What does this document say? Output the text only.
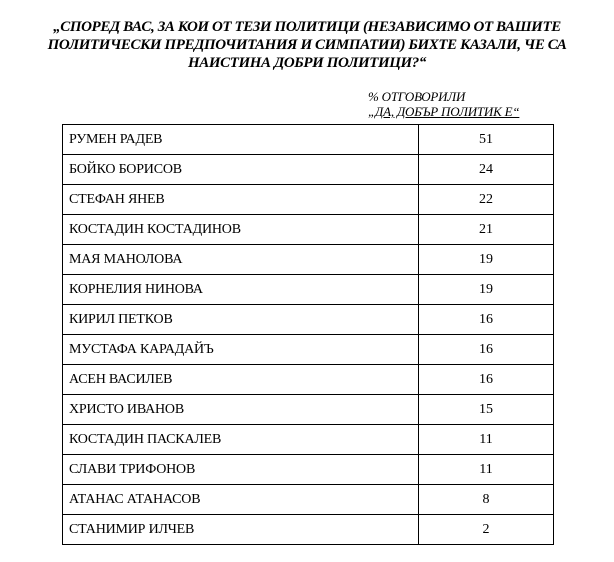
„СПОРЕД ВАС, ЗА КОИ ОТ ТЕЗИ ПОЛИТИЦИ (НЕЗАВИСИМО ОТ ВАШИТЕ
ПОЛИТИЧЕСКИ ПРЕДПОЧИТАНИЯ И СИМПАТИИ) БИХТЕ КАЗАЛИ, ЧЕ СА
НАИСТИНА ДОБРИ ПОЛИТИЦИ?“
% ОТГОВОРИЛИ
„ДА, ДОБЪР ПОЛИТИК Е“
РУМЕН РАДЕВ	51
БОЙКО БОРИСОВ	24
СТЕФАН ЯНЕВ	22
КОСТАДИН КОСТАДИНОВ	21
МАЯ МАНОЛОВА	19
КОРНЕЛИЯ НИНОВА	19
КИРИЛ ПЕТКОВ	16
МУСТАФА КАРАДАЙЪ	16
АСЕН ВАСИЛЕВ	16
ХРИСТО ИВАНОВ	15
КОСТАДИН ПАСКАЛЕВ	11
СЛАВИ ТРИФОНОВ	11
АТАНАС АТАНАСОВ	8
СТАНИМИР ИЛЧЕВ	2
